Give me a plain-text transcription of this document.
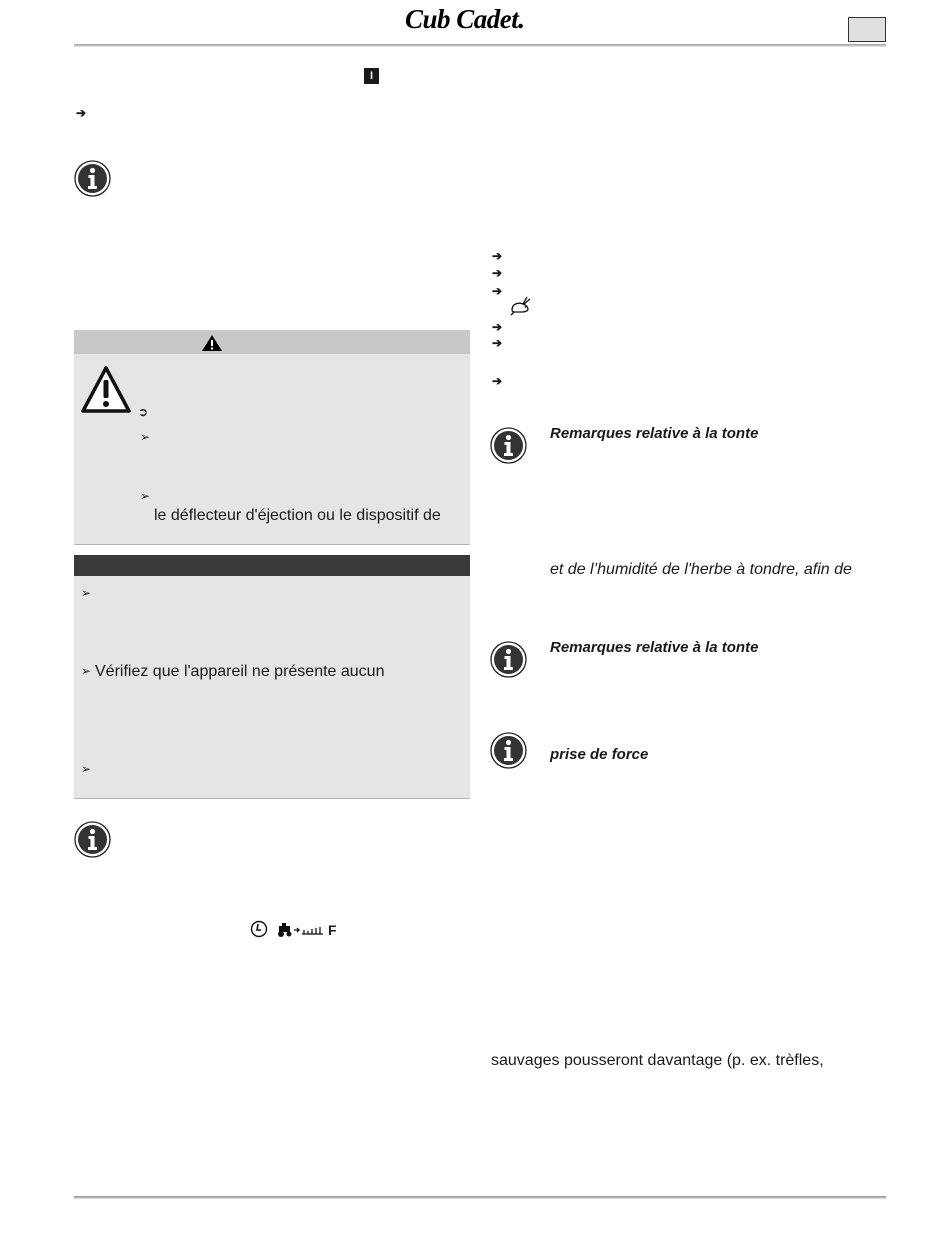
Cub Cadet.
I
➔
➲
➢
➢
le déflecteur d'éjection ou le dispositif de
➢
➢ Vérifiez que l'appareil ne présente aucun
➢
F
➔
➔
➔
➔
➔
➔
Remarques relative à la tonte
et de l’humidité de l'herbe à tondre, afin de
Remarques relative à la tonte
prise de force
sauvages pousseront davantage (p. ex. trèfles,
